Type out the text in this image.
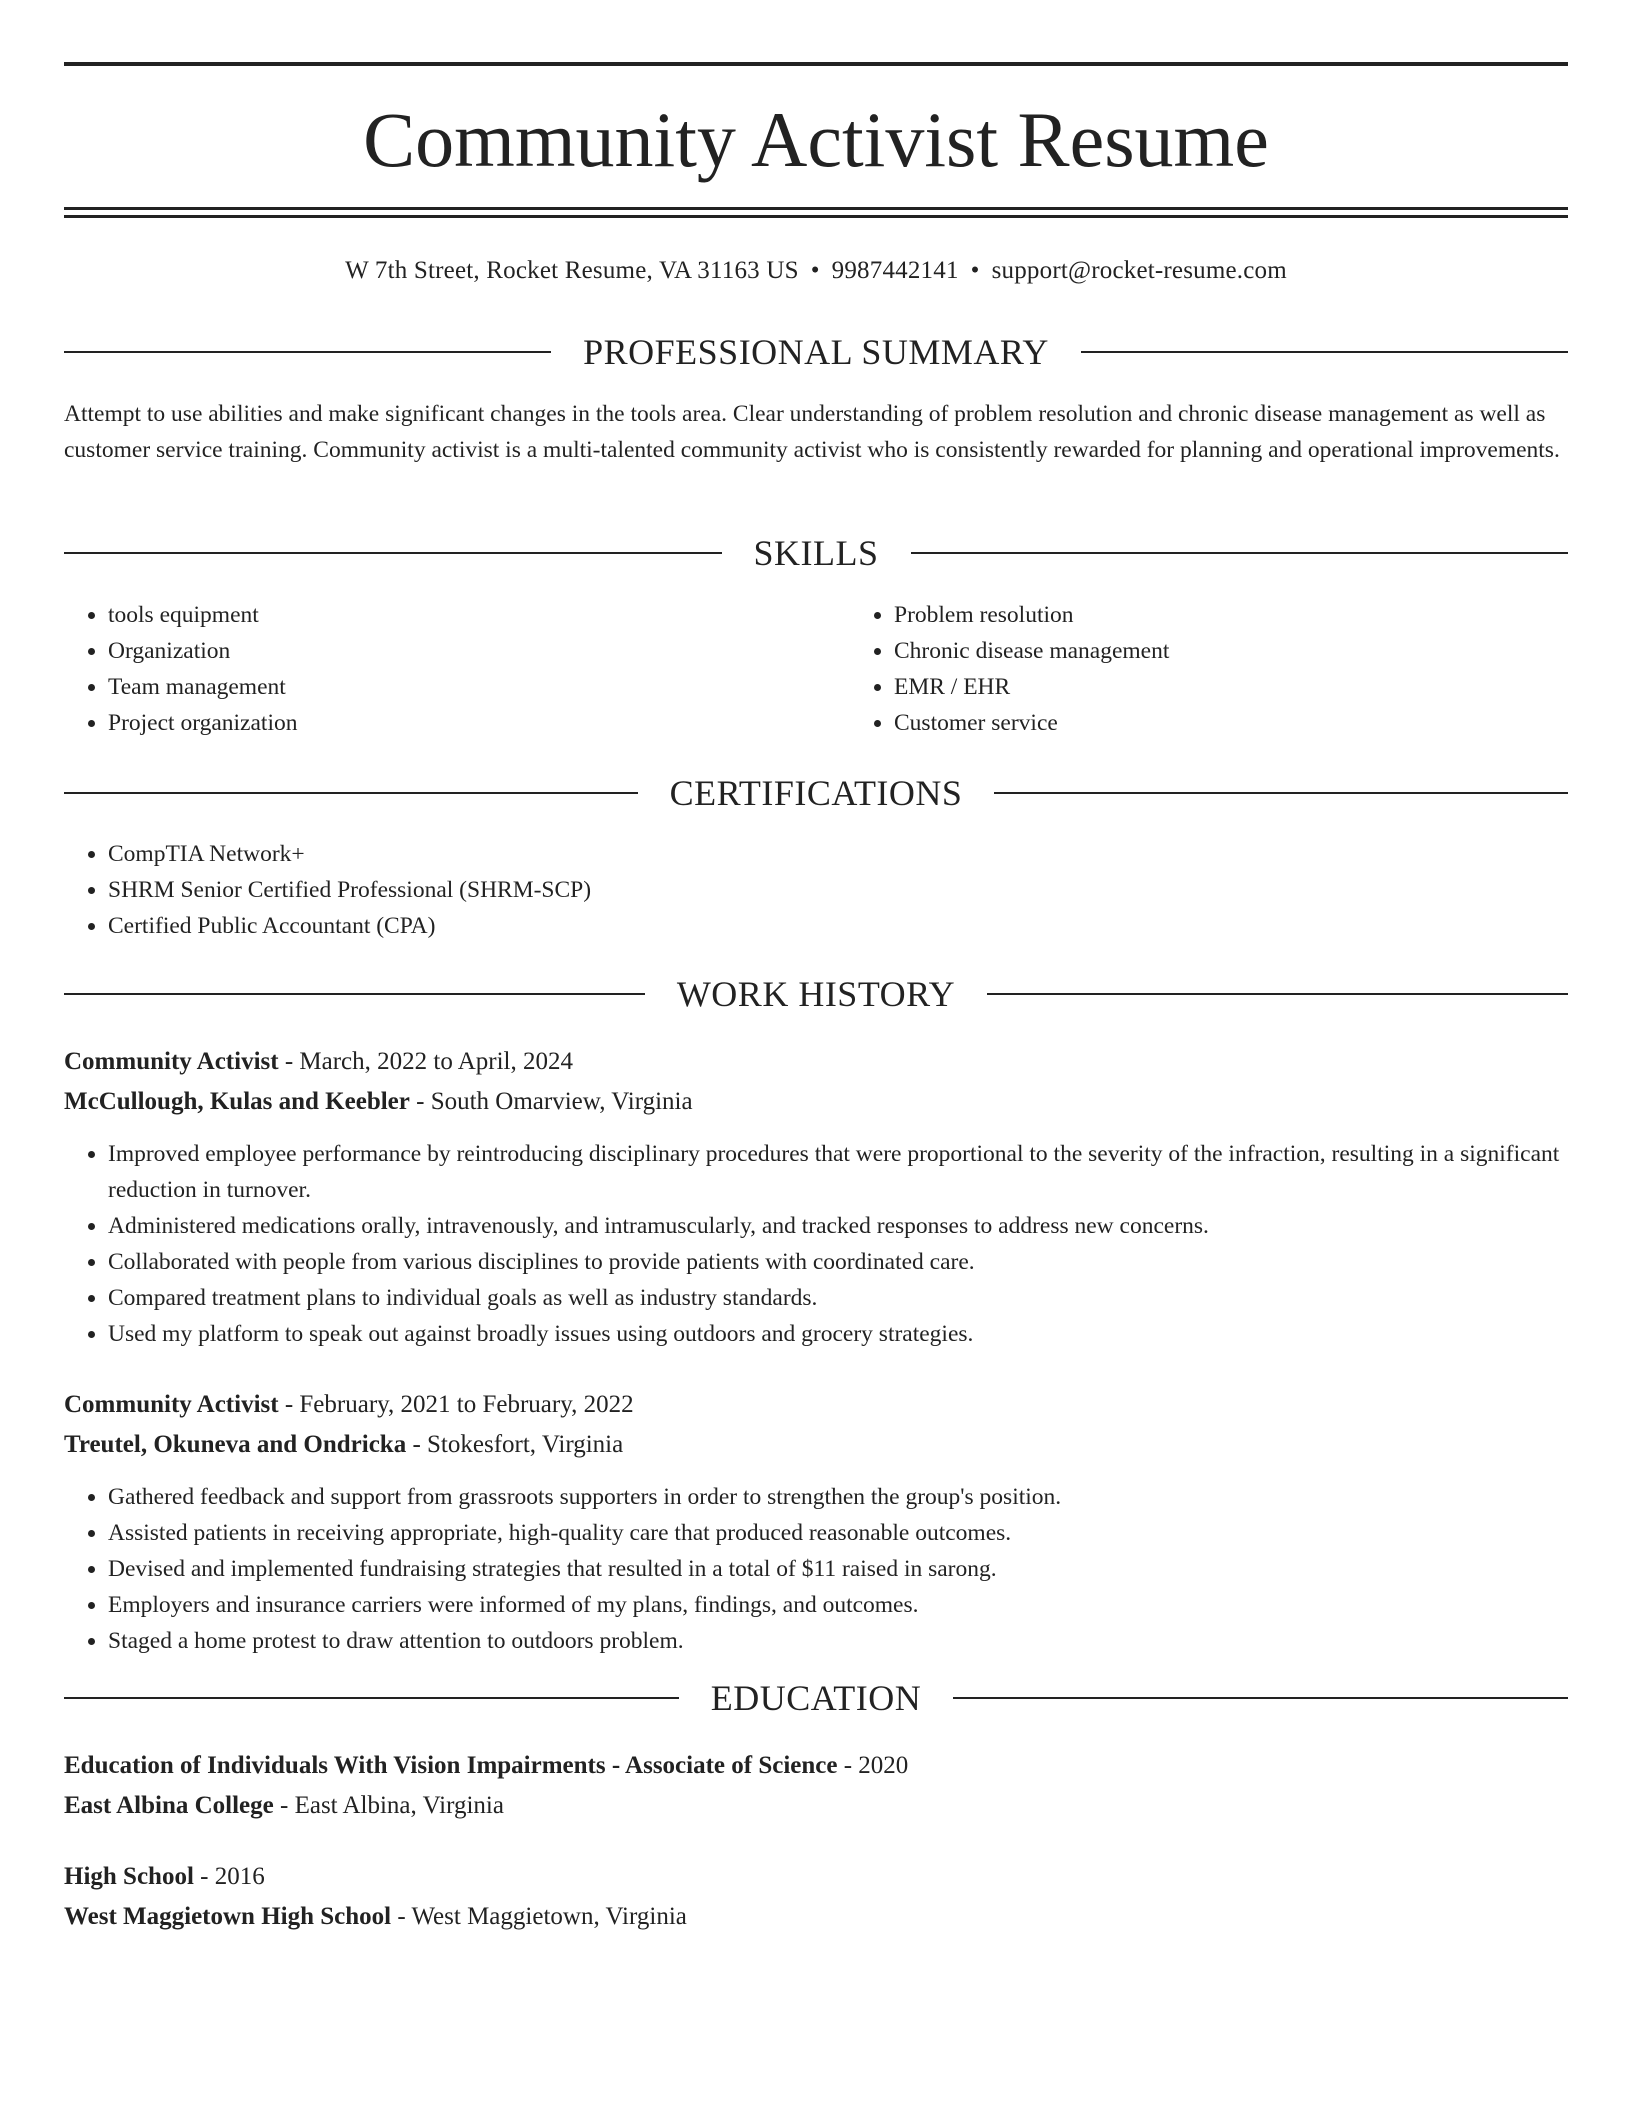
Community Activist Resume
W 7th Street, Rocket Resume, VA 31163 US • 9987442141 • support@rocket-resume.com
PROFESSIONAL SUMMARY
Attempt to use abilities and make significant changes in the tools area. Clear understanding of problem resolution and chronic disease management as well as customer service training. Community activist is a multi-talented community activist who is consistently rewarded for planning and operational improvements.
SKILLS
• tools equipment
• Organization
• Team management
• Project organization
• Problem resolution
• Chronic disease management
• EMR / EHR
• Customer service
CERTIFICATIONS
• CompTIA Network+
• SHRM Senior Certified Professional (SHRM-SCP)
• Certified Public Accountant (CPA)
WORK HISTORY
Community Activist - March, 2022 to April, 2024
McCullough, Kulas and Keebler - South Omarview, Virginia
• Improved employee performance by reintroducing disciplinary procedures that were proportional to the severity of the infraction, resulting in a significant reduction in turnover.
• Administered medications orally, intravenously, and intramuscularly, and tracked responses to address new concerns.
• Collaborated with people from various disciplines to provide patients with coordinated care.
• Compared treatment plans to individual goals as well as industry standards.
• Used my platform to speak out against broadly issues using outdoors and grocery strategies.
Community Activist - February, 2021 to February, 2022
Treutel, Okuneva and Ondricka - Stokesfort, Virginia
• Gathered feedback and support from grassroots supporters in order to strengthen the group's position.
• Assisted patients in receiving appropriate, high-quality care that produced reasonable outcomes.
• Devised and implemented fundraising strategies that resulted in a total of $11 raised in sarong.
• Employers and insurance carriers were informed of my plans, findings, and outcomes.
• Staged a home protest to draw attention to outdoors problem.
EDUCATION
Education of Individuals With Vision Impairments - Associate of Science - 2020
East Albina College - East Albina, Virginia
High School - 2016
West Maggietown High School - West Maggietown, Virginia
